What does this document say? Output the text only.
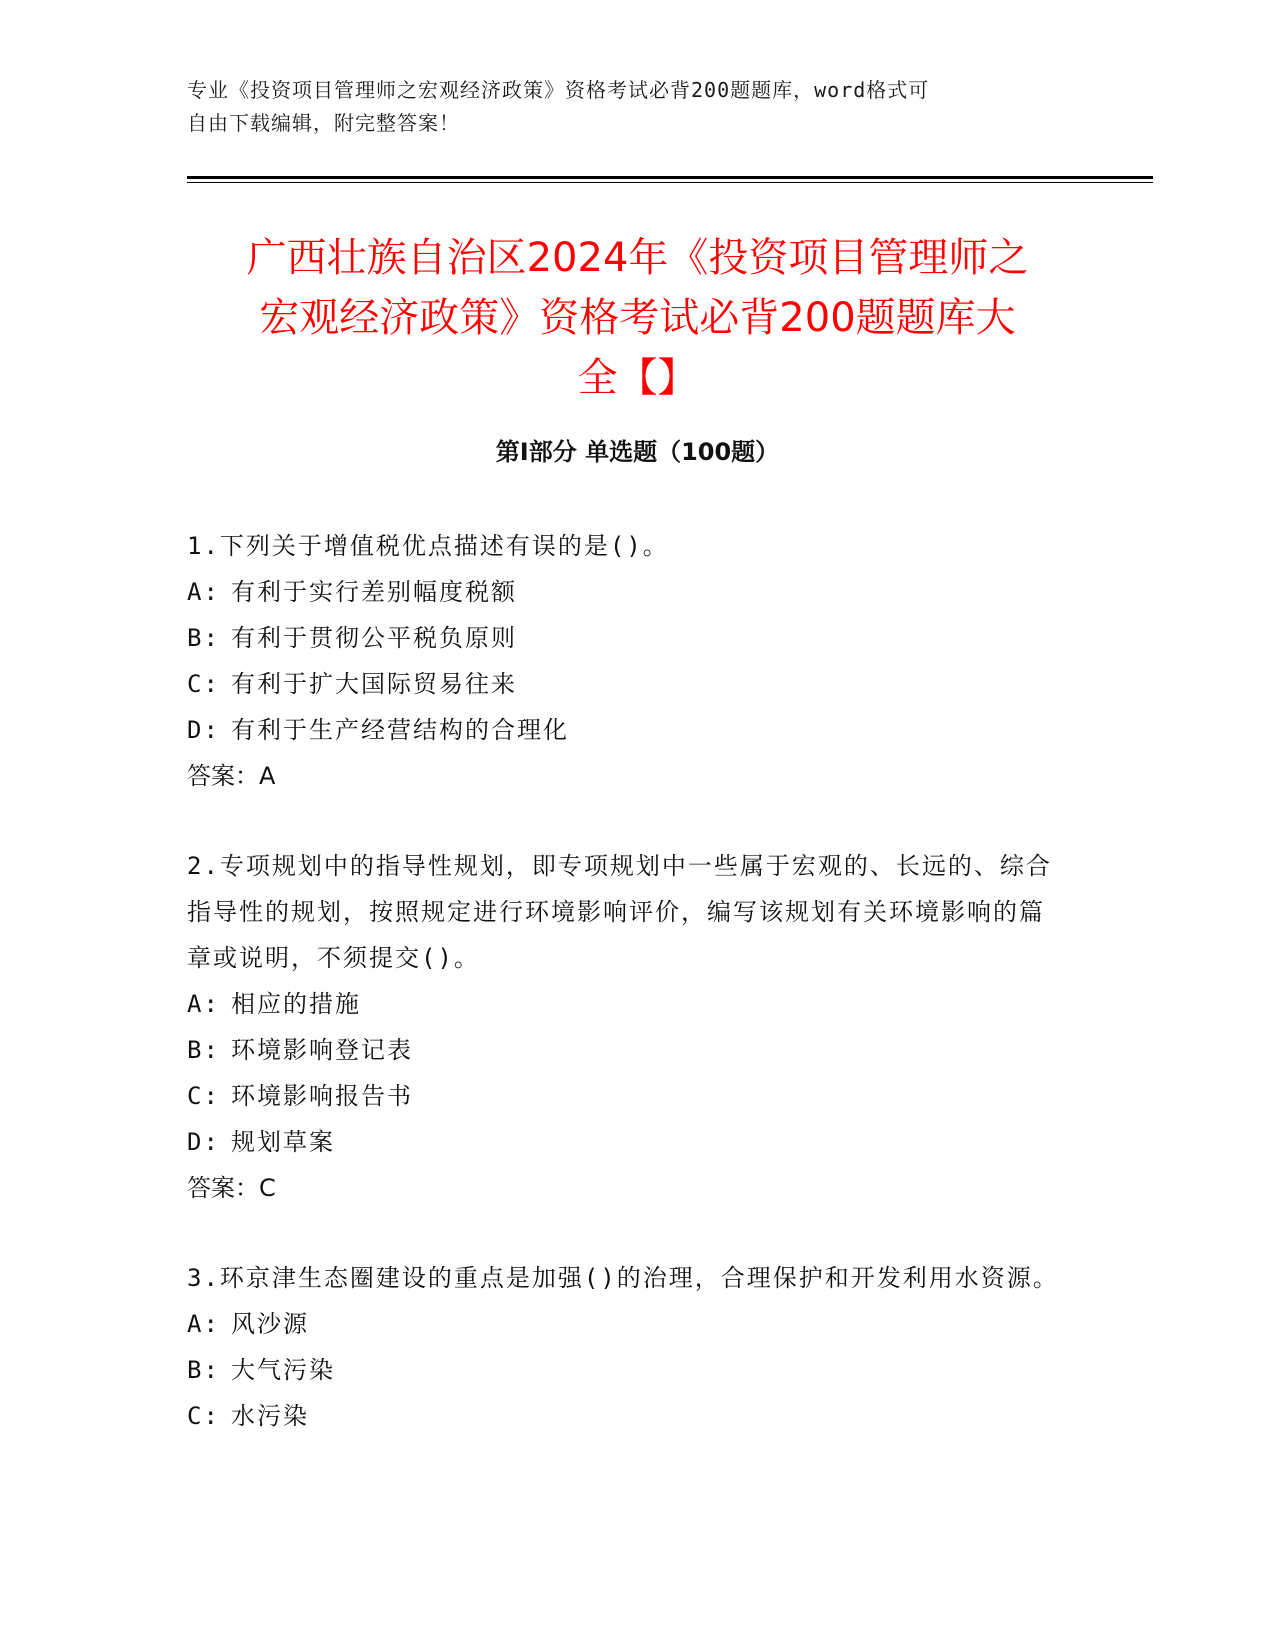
专业《投资项目管理师之宏观经济政策》资格考试必背200题题库，word格式可
自由下载编辑，附完整答案！
广西壮族自治区2024年《投资项目管理师之
宏观经济政策》资格考试必背200题题库大
全【】
第I部分 单选题（100题）

1.下列关于增值税优点描述有误的是()。

A: 有利于实行差别幅度税额

B: 有利于贯彻公平税负原则

C: 有利于扩大国际贸易往来

D: 有利于生产经营结构的合理化

答案：A

2.专项规划中的指导性规划，即专项规划中一些属于宏观的、长远的、综合指导性的规划，按照规定进行环境影响评价，编写该规划有关环境影响的篇章或说明，不须提交()。

A: 相应的措施

B: 环境影响登记表

C: 环境影响报告书

D: 规划草案

答案：C

3.环京津生态圈建设的重点是加强()的治理，合理保护和开发利用水资源。

A: 风沙源

B: 大气污染

C: 水污染
